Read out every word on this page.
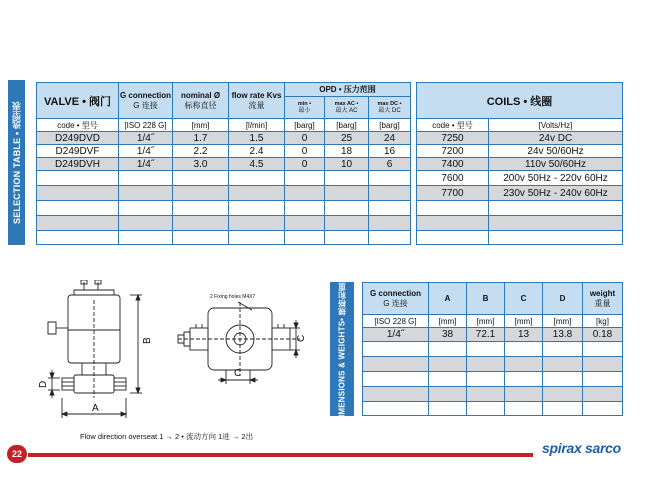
SELECTION TABLE • 选型表 VALVE • 阀门	G connection
G 连接	nominal Ø
标称直径	flow rate Kvs
流量	OPD • 压力范围		
				min •
最小	max AC •
最大 AC	max DC •
最大 DC
code • 型号	[ISO 228 G]	[mm]	[l/min]	[barg]	[barg]	[barg]
D249DVD	1/4˝	1.7	1.5	0	25	24
D249DVF	1/4˝	2.2	2.4	0	18	16
D249DVH	1/4˝	3.0	4.5	0	10	6

COILS • 线圈	
code • 型号	[Volts/Hz]
7250	24v DC
7200	24v 50/60Hz
7400	110v 50/60Hz
7600	200v 50Hz - 220v 60Hz
7700	230v 50Hz - 240v 60Hz

DIMENSIONS & WEIGHTS
• 规格和重量	G connection
G 连接	A	B	C	D	weight
重量
[ISO 228 G]	[mm]	[mm]	[mm]	[mm]	[kg]
1/4˝	38	72.1	13	13.8	0.18

A
B
D
C
C
2 Fixing holes M4X7
Flow direction overseat 1 → 2 • 流动方向 1进 → 2出
22	spirax sarco
